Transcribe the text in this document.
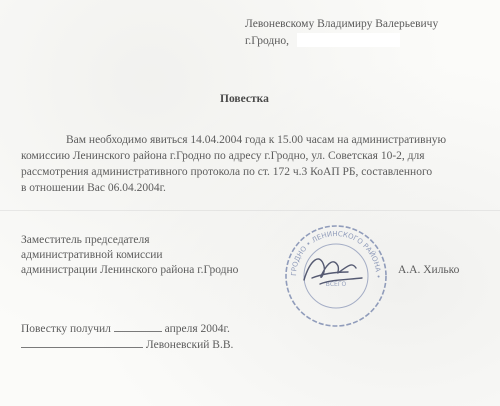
Левоневскому Владимиру Валерьевичу
г.Гродно,
Повестка
Вам необходимо явиться 14.04.2004 года к 15.00 часам на административную
комиссию Ленинского района г.Гродно по адресу г.Гродно, ул. Советская 10-2, для
рассмотрения административного протокола по ст. 172 ч.3 КоАП РБ, составленного
в отношении Вас 06.04.2004г.
Заместитель председателя
административной комиссии
администрации Ленинского района г.Гродно	ГРОДНО • ЛЕНИНСКОГО РАЙОНА •
ВСЕГО
А.А. Хилько
Повестку получил	апреля 2004г.
Левоневский В.В.
